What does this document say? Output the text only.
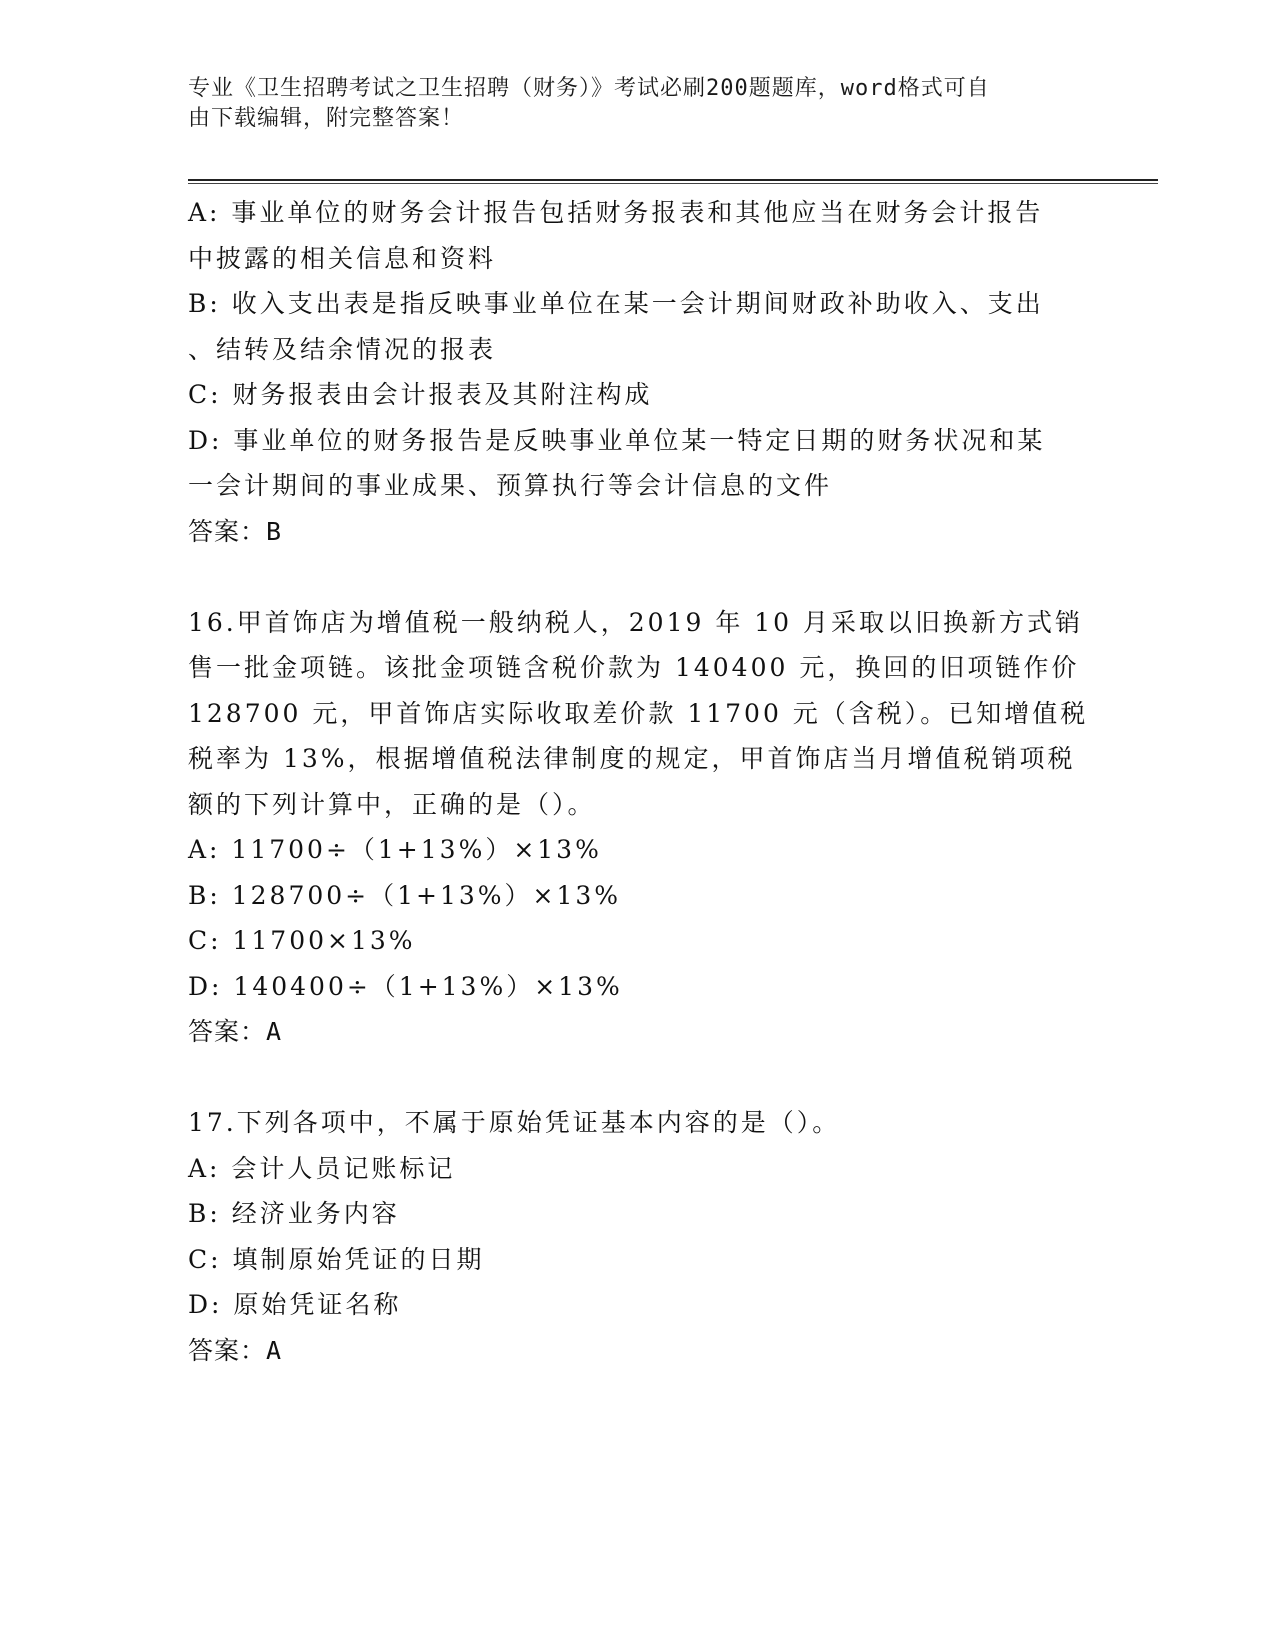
专业《卫生招聘考试之卫生招聘（财务）》考试必刷200题题库，word格式可自
由下载编辑，附完整答案！
A: 事业单位的财务会计报告包括财务报表和其他应当在财务会计报告
中披露的相关信息和资料
B: 收入支出表是指反映事业单位在某一会计期间财政补助收入、支出
、结转及结余情况的报表
C: 财务报表由会计报表及其附注构成
D: 事业单位的财务报告是反映事业单位某一特定日期的财务状况和某
一会计期间的事业成果、预算执行等会计信息的文件
答案：B
16.甲首饰店为增值税一般纳税人，2019 年 10 月采取以旧换新方式销
售一批金项链。该批金项链含税价款为 140400 元，换回的旧项链作价
128700 元，甲首饰店实际收取差价款 11700 元（含税）。已知增值税
税率为 13%，根据增值税法律制度的规定，甲首饰店当月增值税销项税
额的下列计算中，正确的是（）。
A: 11700÷（1+13%）×13%
B: 128700÷（1+13%）×13%
C: 11700×13%
D: 140400÷（1+13%）×13%
答案：A
17.下列各项中，不属于原始凭证基本内容的是（）。
A: 会计人员记账标记
B: 经济业务内容
C: 填制原始凭证的日期
D: 原始凭证名称
答案：A
